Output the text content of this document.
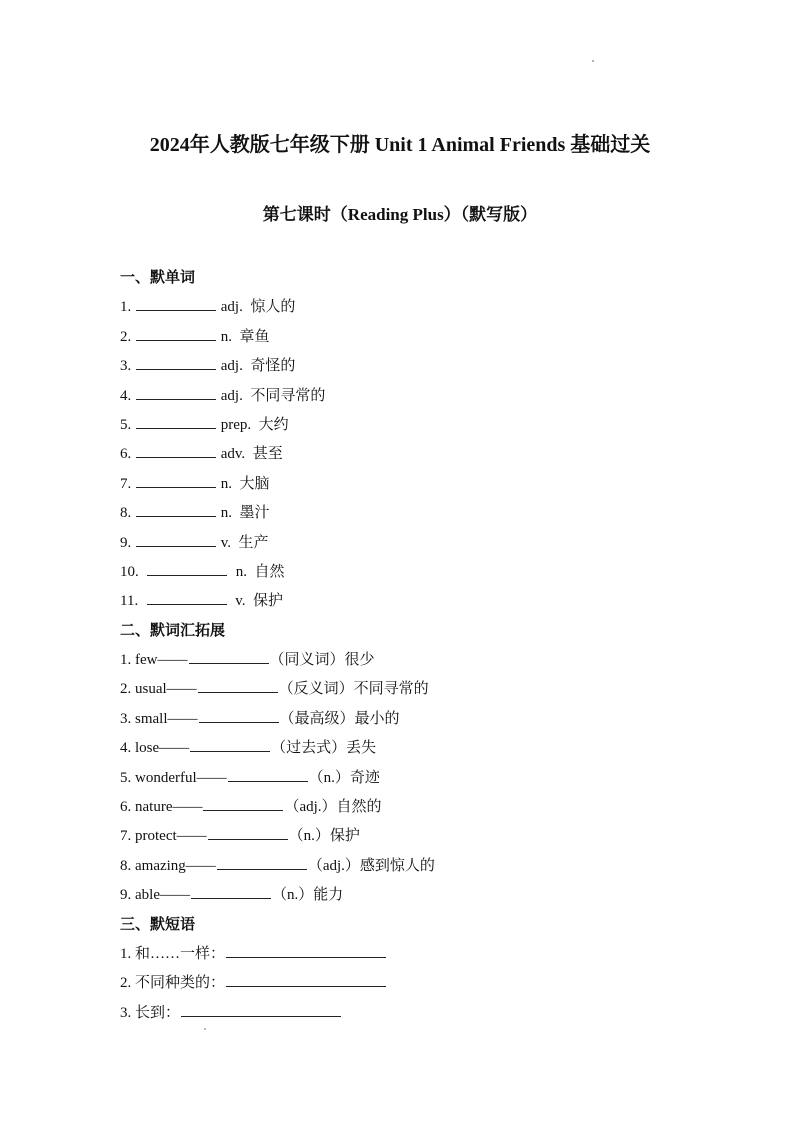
2024年人教版七年级下册 Unit 1 Animal Friends 基础过关
第七课时（Reading Plus）（默写版）
一、默单词
1.	adj. 惊人的
2.	n. 章鱼
3.	adj. 奇怪的
4.	adj. 不同寻常的
5.	prep. 大约
6.	adv. 甚至
7.	n. 大脑
8.	n. 墨汁
9.	v. 生产
10.	n. 自然
11.	v. 保护
二、默词汇拓展
1. few——	（同义词）很少
2. usual——	（反义词）不同寻常的
3. small——	（最高级）最小的
4. lose——	（过去式）丢失
5. wonderful——	（n.）奇迹
6. nature——	（adj.）自然的
7. protect——	（n.）保护
8. amazing——	（adj.）感到惊人的
9. able——	（n.）能力
三、默短语
1. 和……一样：
2. 不同种类的：
3. 长到：
